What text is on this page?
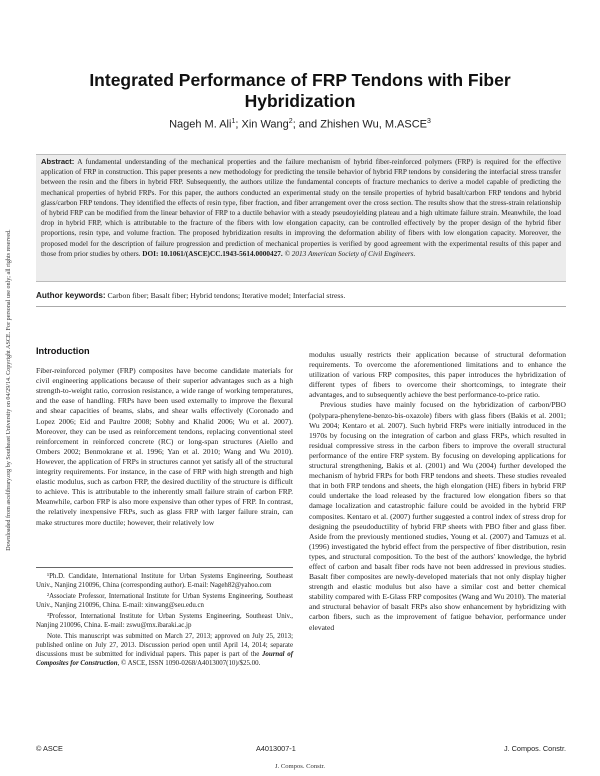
Downloaded from ascelibrary.org by Southeast University on 04/29/14. Copyright ASCE. For personal use only; all rights reserved.
Integrated Performance of FRP Tendons with Fiber Hybridization
Nageh M. Ali$^1$; Xin Wang$^2$; and Zhishen Wu, M.ASCE$^3$

Abstract: A fundamental understanding of the mechanical properties and the failure mechanism of hybrid fiber-reinforced polymers (FRP) is required for the effective application of FRP in construction. This paper presents a new methodology for predicting the tensile behavior of hybrid FRP tendons by considering the interfacial stress transfer between the resin and the fibers in hybrid FRP. Subsequently, the authors utilize the fundamental concepts of fracture mechanics to derive a model capable of predicting the mechanical properties of hybrid FRPs. For this paper, the authors conducted an experimental study on the tensile properties of hybrid basalt/carbon FRP tendons and hybrid glass/carbon FRP tendons. They identified the effects of resin type, fiber fraction, and fiber arrangement over the cross section. The results show that the stress-strain relationship of hybrid FRP can be modified from the linear behavior of FRP to a ductile behavior with a steady pseudoyielding plateau and a high ultimate failure strain. Meanwhile, the load drop in hybrid FRP, which is attributable to the fracture of the fibers with low elongation capacity, can be controlled effectively by the proper design of the hybrid fiber proportions, resin type, and volume fraction. The proposed hybridization results in improving the deformation ability of fibers with low elongation capacity. Moreover, the proposed model for the description of failure progression and prediction of mechanical properties is verified by good agreement with the experimental results of this paper and those from prior studies by others. DOI: 10.1061/(ASCE)CC.1943-5614.0000427. © 2013 American Society of Civil Engineers.

Author keywords: Carbon fiber; Basalt fiber; Hybrid tendons; Iterative model; Interfacial stress.

Introduction

Fiber-reinforced polymer (FRP) composites have become candidate materials for civil engineering applications because of their superior advantages such as a high strength-to-weight ratio, corrosion resistance, a wide range of working temperatures, and the ease of handling. FRPs have been used externally to improve the flexural and shear capacities of beams, slabs, and shear walls effectively (Coronado and Lopez 2006; Eid and Paultre 2008; Sobhy and Khalid 2006; Wu et al. 2007). Moreover, they can be used as reinforcement tendons, replacing conventional steel reinforcement in reinforced concrete (RC) or long-span structures (Aiello and Ombers 2002; Benmokrane et al. 1996; Yan et al. 2010; Wang and Wu 2010). However, the application of FRPs in structures cannot yet satisfy all of the structural integrity requirements. For instance, in the case of FRP with high strength and high elastic modulus, such as carbon FRP, the desired ductility of the structure is difficult to achieve. This is attributable to the inherently small failure strain of carbon FRP. Meanwhile, carbon FRP is also more expensive than other types of FRP. In contrast, the relatively inexpensive FRPs, such as glass FRP with larger failure strain, can make structures more ductile; however, their relatively low

¹Ph.D. Candidate, International Institute for Urban Systems Engineering, Southeast Univ., Nanjing 210096, China (corresponding author). E-mail: Nageh82@yahoo.com

²Associate Professor, International Institute for Urban Systems Engineering, Southeast Univ., Nanjing 210096, China. E-mail: xinwang@seu.edu.cn

³Professor, International Institute for Urban Systems Engineering, Southeast Univ., Nanjing 210096, China. E-mail: zswu@mx.ibaraki.ac.jp

Note. This manuscript was submitted on March 27, 2013; approved on July 25, 2013; published online on July 27, 2013. Discussion period open until April 14, 2014; separate discussions must be submitted for individual papers. This paper is part of the Journal of Composites for Construction, © ASCE, ISSN 1090-0268/A4013007(10)/$25.00.

modulus usually restricts their application because of structural deformation requirements. To overcome the aforementioned limitations and to enhance the utilization of various FRP composites, this paper introduces the hybridization of different types of fibers to overcome their shortcomings, to integrate their advantages, and to subsequently achieve the best performance-to-price ratio.

Previous studies have mainly focused on the hybridization of carbon/PBO (polypara-phenylene-benzo-bis-oxazole) fibers with glass fibers (Bakis et al. 2001; Wu 2004; Kentaro et al. 2007). Such hybrid FRPs were initially introduced in the 1970s by focusing on the integration of carbon and glass FRPs, which resulted in residual compressive stress in the carbon fibers to improve the overall structural performance of the entire FRP system. By focusing on developing applications for structural strengthening, Bakis et al. (2001) and Wu (2004) further developed the mechanism of hybrid FRPs for both FRP tendons and sheets. These studies revealed that in both FRP tendons and sheets, the high elongation (HE) fibers in hybrid FRP could undertake the load released by the fractured low elongation fibers so that damage localization and catastrophic failure could be avoided in the hybrid FRP composites. Kentaro et al. (2007) further suggested a control index of stress drop for designing the pseudoductility of hybrid FRP sheets with PBO fiber and glass fiber. Aside from the previously mentioned studies, Young et al. (2007) and Tamuzs et al. (1996) investigated the hybrid effect from the perspective of fiber distribution, resin types, and structural composition. To the best of the authors' knowledge, the hybrid effect of carbon and basalt fiber rods have not been addressed in previous studies. Basalt fiber composites are newly-developed materials that not only display higher strength and elastic modulus but also have a similar cost and better chemical stability compared with E-Glass FRP composites (Wang and Wu 2010). The material and structural behavior of basalt FRPs also show enhancement by hybridizing with carbon fibers, such as the improvement of fatigue behavior, performance under elevated

© ASCE	A4013007-1	J. Compos. Constr.
J. Compos. Constr.
